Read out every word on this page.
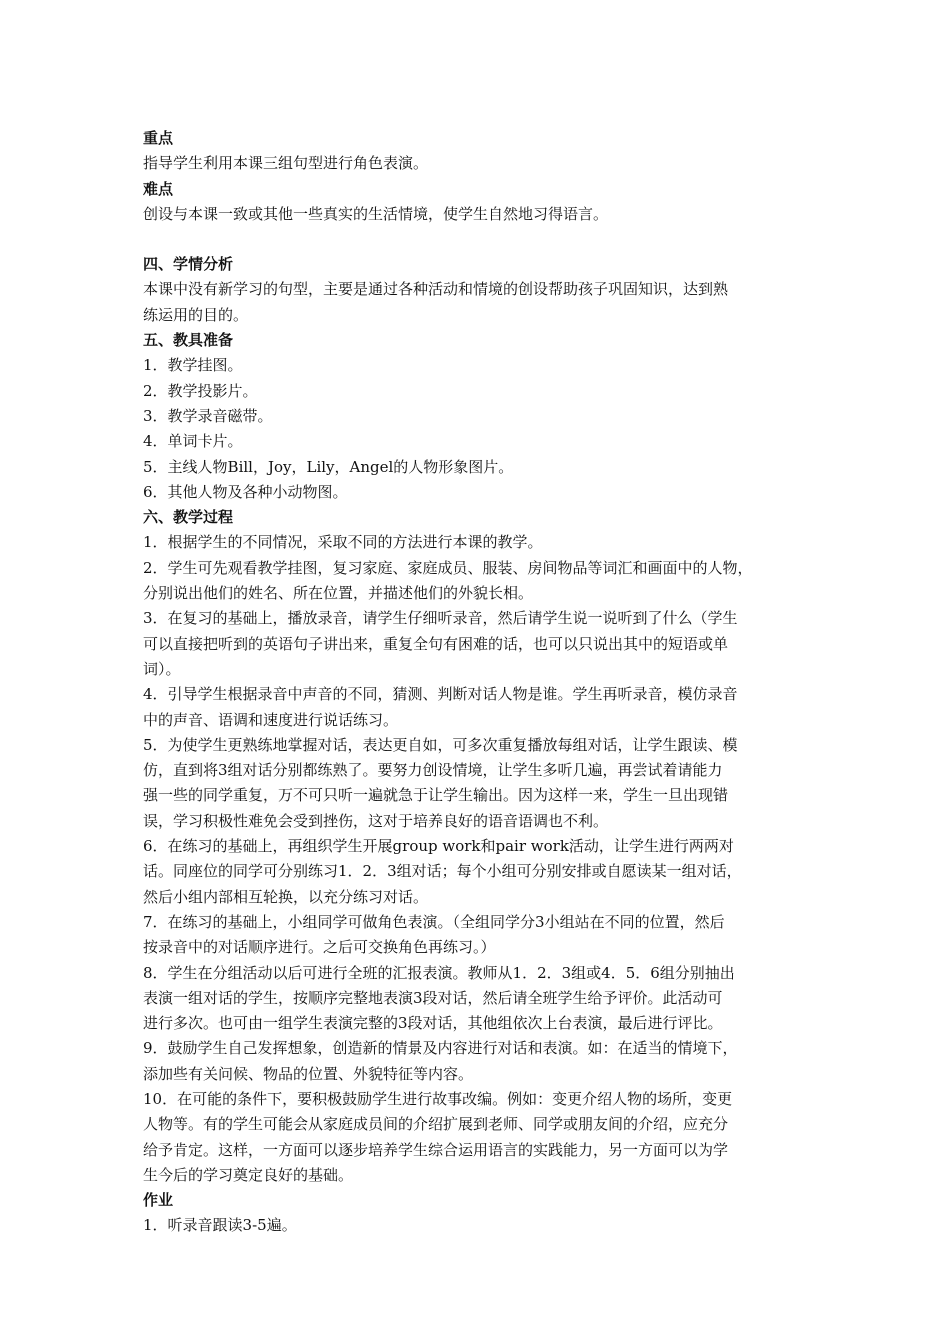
重点

指导学生利用本课三组句型进行角色表演。

难点

创设与本课一致或其他一些真实的生活情境，使学生自然地习得语言。

四、学情分析
本课中没有新学习的句型，主要是通过各种活动和情境的创设帮助孩子巩固知识，达到熟
练运用的目的。
五、教具准备
1．教学挂图。
2．教学投影片。
3．教学录音磁带。
4．单词卡片。
5．主线人物Bill，Joy，Lily，Angel的人物形象图片。
6．其他人物及各种小动物图。
六、教学过程
1．根据学生的不同情况，采取不同的方法进行本课的教学。
2．学生可先观看教学挂图，复习家庭、家庭成员、服装、房间物品等词汇和画面中的人物，
分别说出他们的姓名、所在位置，并描述他们的外貌长相。
3．在复习的基础上，播放录音，请学生仔细听录音，然后请学生说一说听到了什么（学生
可以直接把听到的英语句子讲出来，重复全句有困难的话，也可以只说出其中的短语或单
词）。
4．引导学生根据录音中声音的不同，猜测、判断对话人物是谁。学生再听录音，模仿录音
中的声音、语调和速度进行说话练习。
5．为使学生更熟练地掌握对话，表达更自如，可多次重复播放每组对话，让学生跟读、模
仿，直到将3组对话分别都练熟了。要努力创设情境，让学生多听几遍，再尝试着请能力
强一些的同学重复，万不可只听一遍就急于让学生输出。因为这样一来，学生一旦出现错
误，学习积极性难免会受到挫伤，这对于培养良好的语音语调也不利。
6．在练习的基础上，再组织学生开展group work和pair work活动，让学生进行两两对
话。同座位的同学可分别练习1．2．3组对话；每个小组可分别安排或自愿读某一组对话，
然后小组内部相互轮换，以充分练习对话。
7．在练习的基础上，小组同学可做角色表演。（全组同学分3小组站在不同的位置，然后
按录音中的对话顺序进行。之后可交换角色再练习。）
8．学生在分组活动以后可进行全班的汇报表演。教师从1．2．3组或4．5．6组分别抽出
表演一组对话的学生，按顺序完整地表演3段对话，然后请全班学生给予评价。此活动可
进行多次。也可由一组学生表演完整的3段对话，其他组依次上台表演，最后进行评比。
9．鼓励学生自己发挥想象，创造新的情景及内容进行对话和表演。如：在适当的情境下，
添加些有关问候、物品的位置、外貌特征等内容。
10．在可能的条件下，要积极鼓励学生进行故事改编。例如：变更介绍人物的场所，变更
人物等。有的学生可能会从家庭成员间的介绍扩展到老师、同学或朋友间的介绍，应充分
给予肯定。这样，一方面可以逐步培养学生综合运用语言的实践能力，另一方面可以为学
生今后的学习奠定良好的基础。
作业
1．听录音跟读3-5遍。
